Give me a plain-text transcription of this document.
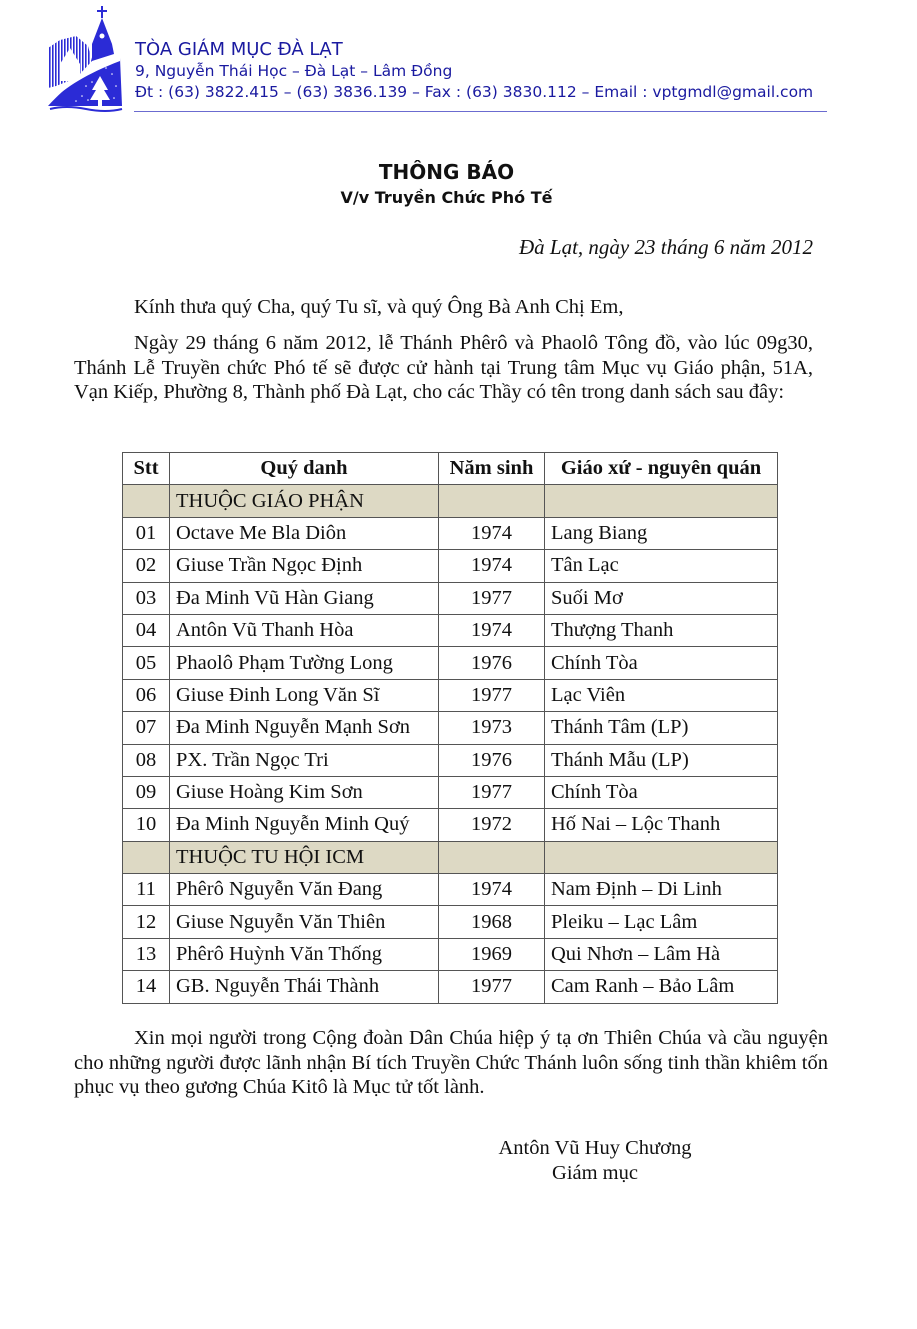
TÒA GIÁM MỤC ĐÀ LẠT
9, Nguyễn Thái Học – Đà Lạt – Lâm Đồng
Đt : (63) 3822.415 – (63) 3836.139 – Fax : (63) 3830.112 – Email : vptgmdl@gmail.com
THÔNG BÁO
V/v Truyền Chức Phó Tế
Đà Lạt, ngày 23 tháng 6 năm 2012
Kính thưa quý Cha, quý Tu sĩ, và quý Ông Bà Anh Chị Em,
Ngày 29 tháng 6 năm 2012, lễ Thánh Phêrô và Phaolô Tông đồ, vào lúc 09g30, Thánh Lễ Truyền chức Phó tế sẽ được cử hành tại Trung tâm Mục vụ Giáo phận, 51A, Vạn Kiếp, Phường 8, Thành phố Đà Lạt, cho các Thầy có tên trong danh sách sau đây:
Stt	Quý danh	Năm sinh	Giáo xứ - nguyên quán
	THUỘC GIÁO PHẬN		
01	Octave Me Bla Diôn	1974	Lang Biang
02	Giuse Trần Ngọc Định	1974	Tân Lạc
03	Đa Minh Vũ Hàn Giang	1977	Suối Mơ
04	Antôn Vũ Thanh Hòa	1974	Thượng Thanh
05	Phaolô Phạm Tường Long	1976	Chính Tòa
06	Giuse Đinh Long Văn Sĩ	1977	Lạc Viên
07	Đa Minh Nguyễn Mạnh Sơn	1973	Thánh Tâm (LP)
08	PX. Trần Ngọc Tri	1976	Thánh Mẫu (LP)
09	Giuse Hoàng Kim Sơn	1977	Chính Tòa
10	Đa Minh Nguyễn Minh Quý	1972	Hố Nai – Lộc Thanh
	THUỘC TU HỘI ICM		
11	Phêrô Nguyễn Văn Đang	1974	Nam Định – Di Linh
12	Giuse Nguyễn Văn Thiên	1968	Pleiku – Lạc Lâm
13	Phêrô Huỳnh Văn Thống	1969	Qui Nhơn – Lâm Hà
14	GB. Nguyễn Thái Thành	1977	Cam Ranh – Bảo Lâm
Xin mọi người trong Cộng đoàn Dân Chúa hiệp ý tạ ơn Thiên Chúa và cầu nguyện cho những người được lãnh nhận Bí tích Truyền Chức Thánh luôn sống tinh thần khiêm tốn phục vụ theo gương Chúa Kitô là Mục tử tốt lành.
Antôn Vũ Huy Chương
Giám mục
